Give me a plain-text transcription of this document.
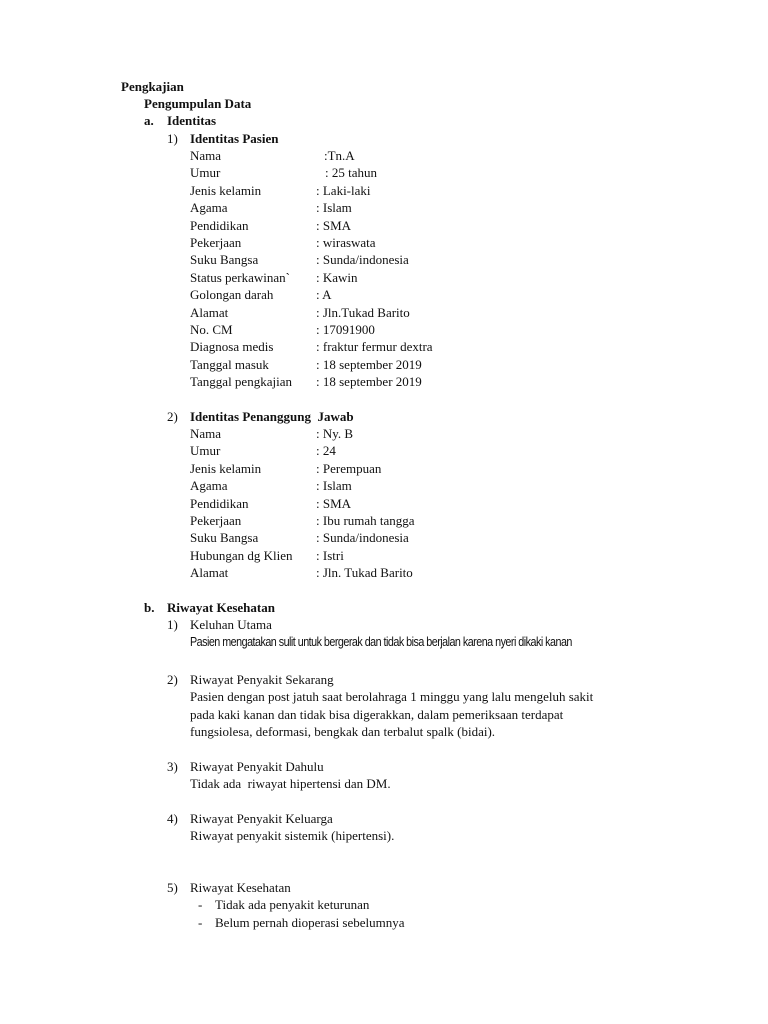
Pengkajian
Pengumpulan Data
a. Identitas
1) Identitas Pasien
Nama	:Tn.A
Umur	: 25 tahun
Jenis kelamin	: Laki-laki
Agama	: Islam
Pendidikan	: SMA
Pekerjaan	: wiraswata
Suku Bangsa	: Sunda/indonesia
Status perkawinan` : Kawin
Golongan darah	: A
Alamat	: Jln.Tukad Barito
No. CM	: 17091900
Diagnosa medis	: fraktur fermur dextra
Tanggal masuk	: 18 september 2019
Tanggal pengkajian : 18 september 2019
2) Identitas Penanggung  Jawab
Nama	: Ny. B
Umur	: 24
Jenis kelamin	: Perempuan
Agama	: Islam
Pendidikan	: SMA
Pekerjaan	: Ibu rumah tangga
Suku Bangsa	: Sunda/indonesia
Hubungan dg Klien : Istri
Alamat	: Jln. Tukad Barito
b. Riwayat Kesehatan
1) Keluhan Utama
Pasien mengatakan sulit untuk bergerak dan tidak bisa berjalan karena nyeri dikaki kanan
2) Riwayat Penyakit Sekarang
Pasien dengan post jatuh saat berolahraga 1 minggu yang lalu mengeluh sakit
pada kaki kanan dan tidak bisa digerakkan, dalam pemeriksaan terdapat
fungsiolesa, deformasi, bengkak dan terbalut spalk (bidai).
3) Riwayat Penyakit Dahulu
Tidak ada  riwayat hipertensi dan DM.
4) Riwayat Penyakit Keluarga
Riwayat penyakit sistemik (hipertensi).
5) Riwayat Kesehatan
- Tidak ada penyakit keturunan
- Belum pernah dioperasi sebelumnya
